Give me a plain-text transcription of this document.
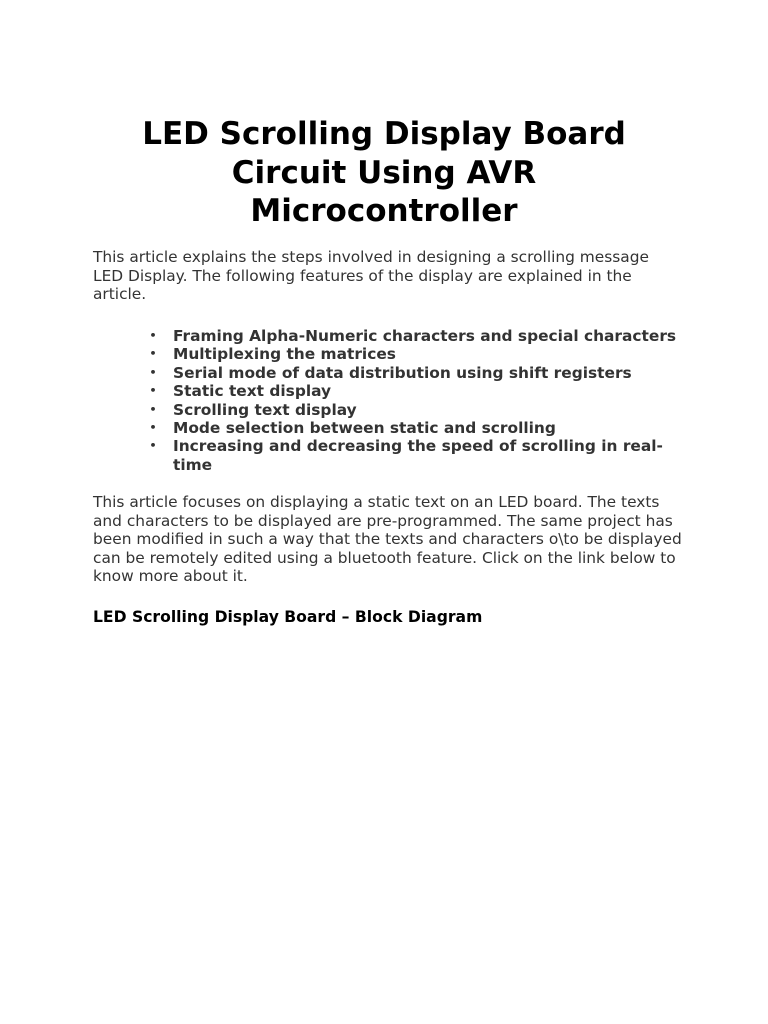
LED Scrolling Display Board Circuit Using AVR Microcontroller

This article explains the steps involved in designing a scrolling message LED Display. The following features of the display are explained in the article.

• Framing Alpha-Numeric characters and special characters
• Multiplexing the matrices
• Serial mode of data distribution using shift registers
• Static text display
• Scrolling text display
• Mode selection between static and scrolling
• Increasing and decreasing the speed of scrolling in real-time

This article focuses on displaying a static text on an LED board. The texts and characters to be displayed are pre-programmed. The same project has been modified in such a way that the texts and characters o\to be displayed can be remotely edited using a bluetooth feature. Click on the link below to know more about it.

LED Scrolling Display Board – Block Diagram
